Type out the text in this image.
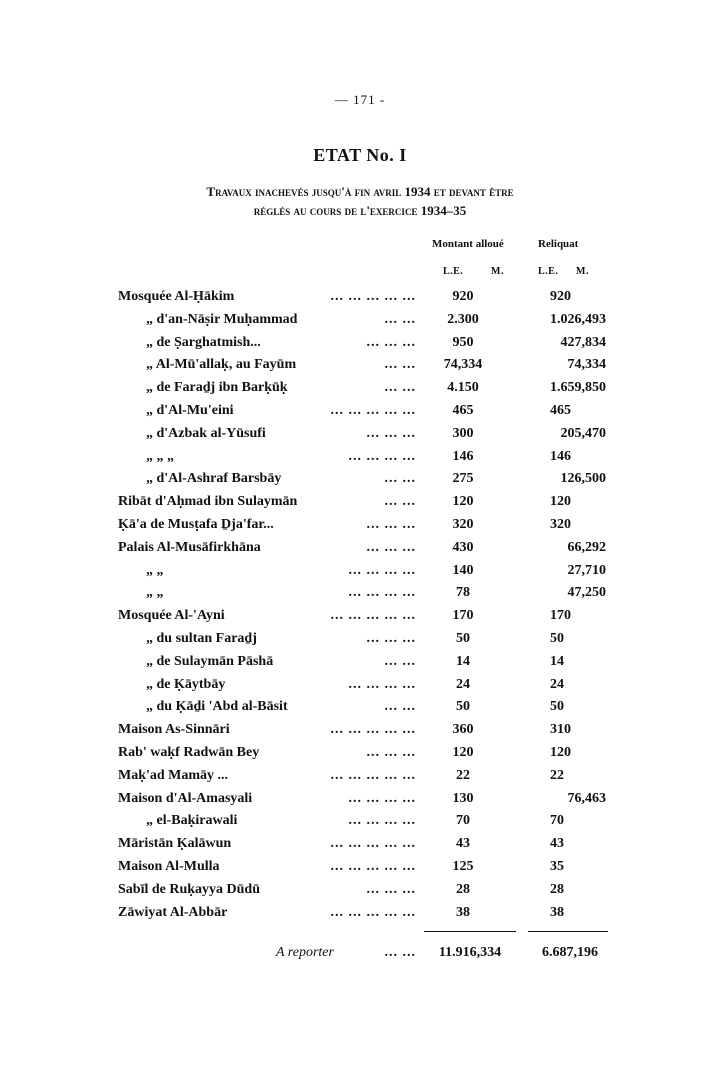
— 171 -
ETAT No. I
Travaux inachevés jusqu'à fin avril 1934 et devant être
réglés au cours de l'exercice 1934–35
Montant alloué	Reliquat
L.E.	M.	L.E. M.
Mosquée Al-Ḥākim	... ... ... ... ...	920	920
„ d'an-Nāṣir Muḥammad	... ...	2.300	1.026,493
„ de Ṣarghatmish...	... ... ...	950	427,834
„ Al-Mū'allaḳ, au Fayūm	... ...	74,334	74,334
„ de Faraḏj ibn Barḳūḳ	... ...	4.150	1.659,850
„ d'Al-Mu'eini	... ... ... ... ...	465	465
„ d'Azbak al-Yūsufi	... ... ...	300	205,470
„ „ „	... ... ... ...	146	146
„ d'Al-Ashraf Barsbāy	... ...	275	126,500
Ribāt d'Aḥmad ibn Sulaymān	... ...	120	120
Ḳā'a de Musṭafa Ḏja'far...	... ... ...	320	320
Palais Al-Musāfirkhāna	... ... ...	430	66,292
„ „	... ... ... ...	140	27,710
„ „	... ... ... ...	78	47,250
Mosquée Al-'Ayni	... ... ... ... ...	170	170
„ du sultan Faraḏj	... ... ...	50	50
„ de Sulaymān Pāshā	... ...	14	14
„ de Ḳāytbāy	... ... ... ...	24	24
„ du Ḳāḏi 'Abd al-Bāsit	... ...	50	50
Maison As-Sinnāri	... ... ... ... ...	360	310
Rab' waḳf Radwān Bey	... ... ...	120	120
Maḳ'ad Mamāy ...	... ... ... ... ...	22	22
Maison d'Al-Amasyali	... ... ... ...	130	76,463
„ el-Baḳirawali	... ... ... ...	70	70
Māristān Ḳalāwun	... ... ... ... ...	43	43
Maison Al-Mulla	... ... ... ... ...	125	35
Sabīl de Ruḳayya Dūdū	... ... ...	28	28
Zāwiyat Al-Abbār	... ... ... ... ...	38	38
A reporter	... ...	11.916,334	6.687,196
